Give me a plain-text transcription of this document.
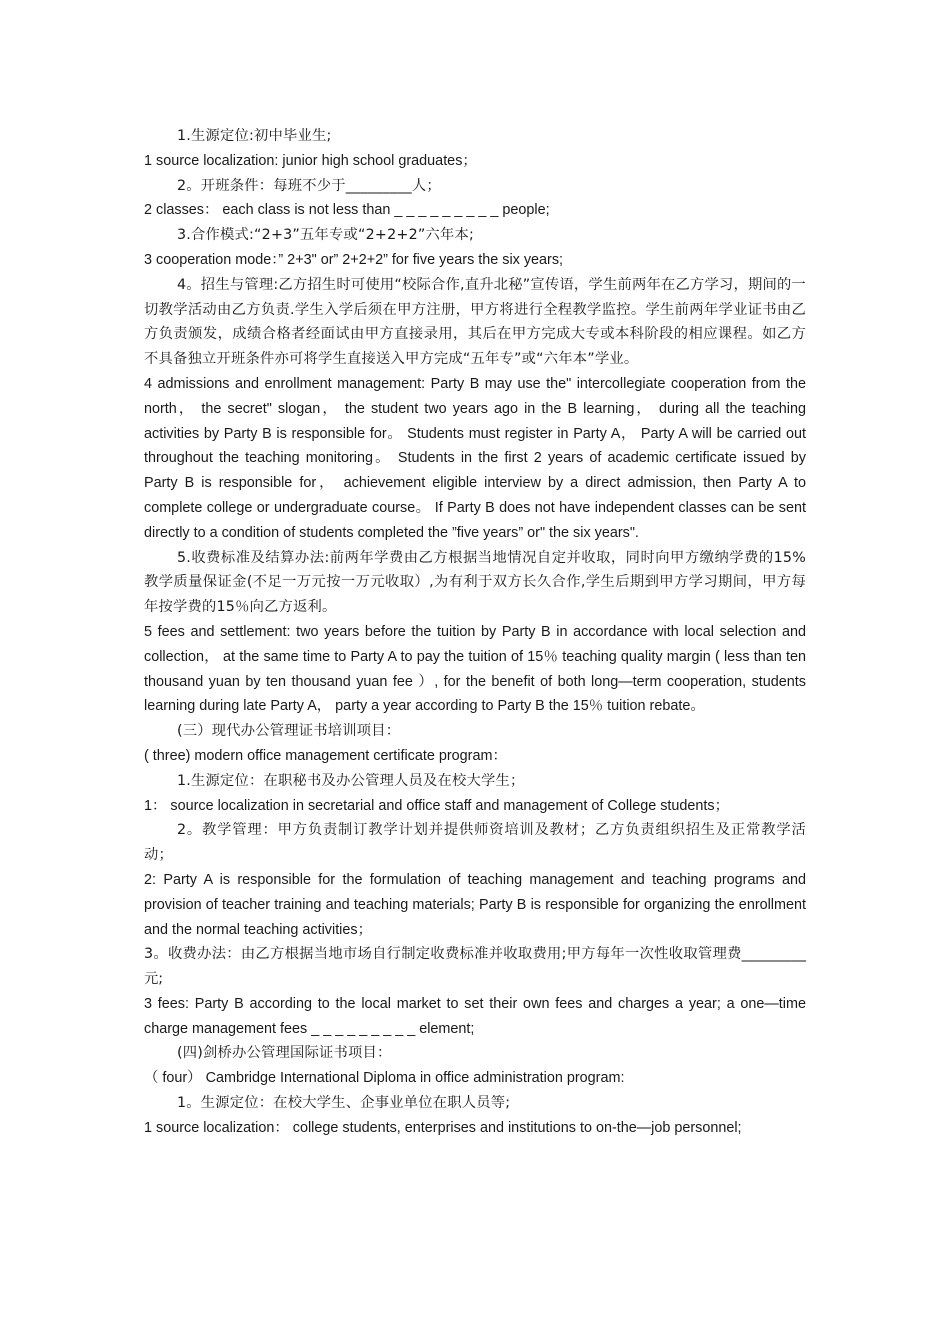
1.生源定位:初中毕业生;

1 source localization: junior high school graduates；

2。开班条件：每班不少于_________人；

2 classes： each class is not less than _ _ _ _ _ _ _ _ _ people;

3.合作模式:“2+3”五年专或“2+2+2”六年本;

3 cooperation mode：” 2+3" or” 2+2+2” for five years the six years;

4。招生与管理:乙方招生时可使用“校际合作,直升北秘”宣传语，学生前两年在乙方学习，期间的一切教学活动由乙方负责.学生入学后须在甲方注册，甲方将进行全程教学监控。学生前两年学业证书由乙方负责颁发，成绩合格者经面试由甲方直接录用，其后在甲方完成大专或本科阶段的相应课程。如乙方不具备独立开班条件亦可将学生直接送入甲方完成“五年专”或“六年本”学业。

4 admissions and enrollment management: Party B may use the" intercollegiate cooperation from the north， the secret" slogan， the student two years ago in the B learning， during all the teaching activities by Party B is responsible for。 Students must register in Party A， Party A will be carried out throughout the teaching monitoring。 Students in the first 2 years of academic certificate issued by Party B is responsible for， achievement eligible interview by a direct admission, then Party A to complete college or undergraduate course。 If Party B does not have independent classes can be sent directly to a condition of students completed the ”five years” or" the six years".

5.收费标准及结算办法:前两年学费由乙方根据当地情况自定并收取，同时向甲方缴纳学费的15%教学质量保证金(不足一万元按一万元收取）,为有利于双方长久合作,学生后期到甲方学习期间，甲方每年按学费的15％向乙方返利。

5 fees and settlement: two years before the tuition by Party B in accordance with local selection and collection， at the same time to Party A to pay the tuition of 15％ teaching quality margin ( less than ten thousand yuan by ten thousand yuan fee ）, for the benefit of both long—term cooperation, students learning during late Party A， party a year according to Party B the 15％ tuition rebate。

(三）现代办公管理证书培训项目：

( three) modern office management certificate program：

1.生源定位：在职秘书及办公管理人员及在校大学生；

1： source localization in secretarial and office staff and management of College students；

2。教学管理：甲方负责制订教学计划并提供师资培训及教材；乙方负责组织招生及正常教学活动；

2: Party A is responsible for the formulation of teaching management and teaching programs and provision of teacher training and teaching materials; Party B is responsible for organizing the enrollment and the normal teaching activities；

3。收费办法：由乙方根据当地市场自行制定收费标准并收取费用;甲方每年一次性收取管理费_________元;

3 fees: Party B according to the local market to set their own fees and charges a year; a one—time charge management fees _ _ _ _ _ _ _ _ _ element;

(四)剑桥办公管理国际证书项目：

（ four） Cambridge International Diploma in office administration program:

1。生源定位：在校大学生、企事业单位在职人员等;

1 source localization： college students, enterprises and institutions to on-the—job personnel;
